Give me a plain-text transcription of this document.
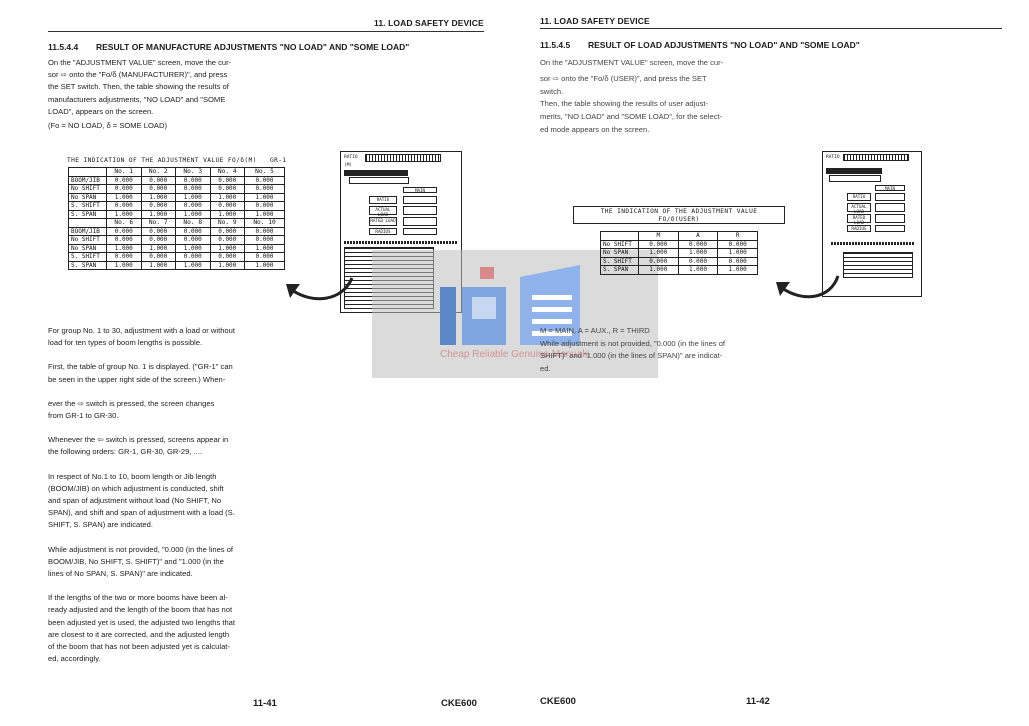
11. LOAD SAFETY DEVICE
11.5.4.4 RESULT OF MANUFACTURE ADJUSTMENTS "NO LOAD" AND "SOME LOAD"
On the "ADJUSTMENT VALUE" screen, move the cur-
sor ⇨ onto the "Fo/δ (MANUFACTURER)", and press
the SET switch. Then, the table showing the results of
manufacturers adjustments, "NO LOAD" and "SOME
LOAD", appears on the screen.
(Fo = NO LOAD, δ = SOME LOAD)
THE INDICATION OF THE ADJUSTMENT VALUE FO/δ(M) GR-1
	No. 1	No. 2	No. 3	No. 4	No. 5
BOOM/JIB	0.000	0.000	0.000	0.000	0.000
No SHIFT	0.000	0.000	0.000	0.000	0.000
No SPAN	1.000	1.000	1.000	1.000	1.000
S. SHIFT	0.000	0.000	0.000	0.000	0.000
S. SPAN	1.000	1.000	1.000	1.000	1.000
	No. 6	No. 7	No. 8	No. 9	No. 10
BOOM/JIB	0.000	0.000	0.000	0.000	0.000
No SHIFT	0.000	0.000	0.000	0.000	0.000
No SPAN	1.000	1.000	1.000	1.000	1.000
S. SHIFT	0.000	0.000	0.000	0.000	0.000
S. SPAN	1.000	1.000	1.000	1.000	1.000
For group No. 1 to 30, adjustment with a load or without
load for ten types of boom lengths is possible.
First, the table of group No. 1 is displayed. ("GR-1" can
be seen in the upper right side of the screen.) When-
ever the ⇨ switch is pressed, the screen changes
from GR-1 to GR-30.
Whenever the ⇦ switch is pressed, screens appear in
the following orders: GR-1, GR-30, GR-29, ....
In respect of No.1 to 10, boom length or Jib length
(BOOM/JIB) on which adjustment is conducted, shift
and span of adjustment without load (No SHIFT, No
SPAN), and shift and span of adjustment with a load (S.
SHIFT, S. SPAN) are indicated.
While adjustment is not provided, "0.000 (in the lines of
BOOM/JIB, No SHIFT, S. SHIFT)" and "1.000 (in the
lines of No SPAN, S. SPAN)" are indicated.
If the lengths of the two or more booms have been al-
ready adjusted and the length of the boom that has not
been adjusted yet is used, the adjusted two lengths that
are closest to it are corrected, and the adjusted length
of the boom that has not been adjusted yet is calculat-
ed, accordingly.
11-41	CKE600
RATIO
(M)
MAIN
RATIO
ACTUAL LOAD
RATED LOAD
RADIUS
Cheap Reliable Genuine Manuals
11. LOAD SAFETY DEVICE
11.5.4.5 RESULT OF LOAD ADJUSTMENTS "NO LOAD" AND "SOME LOAD"
On the "ADJUSTMENT VALUE" screen, move the cur-
sor ⇨ onto the "Fo/δ (USER)", and press the SET
switch.
Then, the table showing the results of user adjust-
ments, "NO LOAD" and "SOME LOAD", for the select-
ed mode appears on the screen.
THE INDICATION OF THE ADJUSTMENT VALUE
FO/δ(USER)
	M	A	R
No SHIFT	0.000	0.000	0.000
No SPAN	1.000	1.000	1.000
S. SHIFT	0.000	0.000	0.000
S. SPAN	1.000	1.000	1.000
M = MAIN, A = AUX., R = THIRD
While adjustment is not provided, "0.000 (in the lines of
SHIFT)" and "1.000 (in the lines of SPAN)" are indicat-
ed.
CKE600	11-42
RATIO
MAIN
RATIO
ACTUAL LOAD
RATED LOAD
RADIUS
